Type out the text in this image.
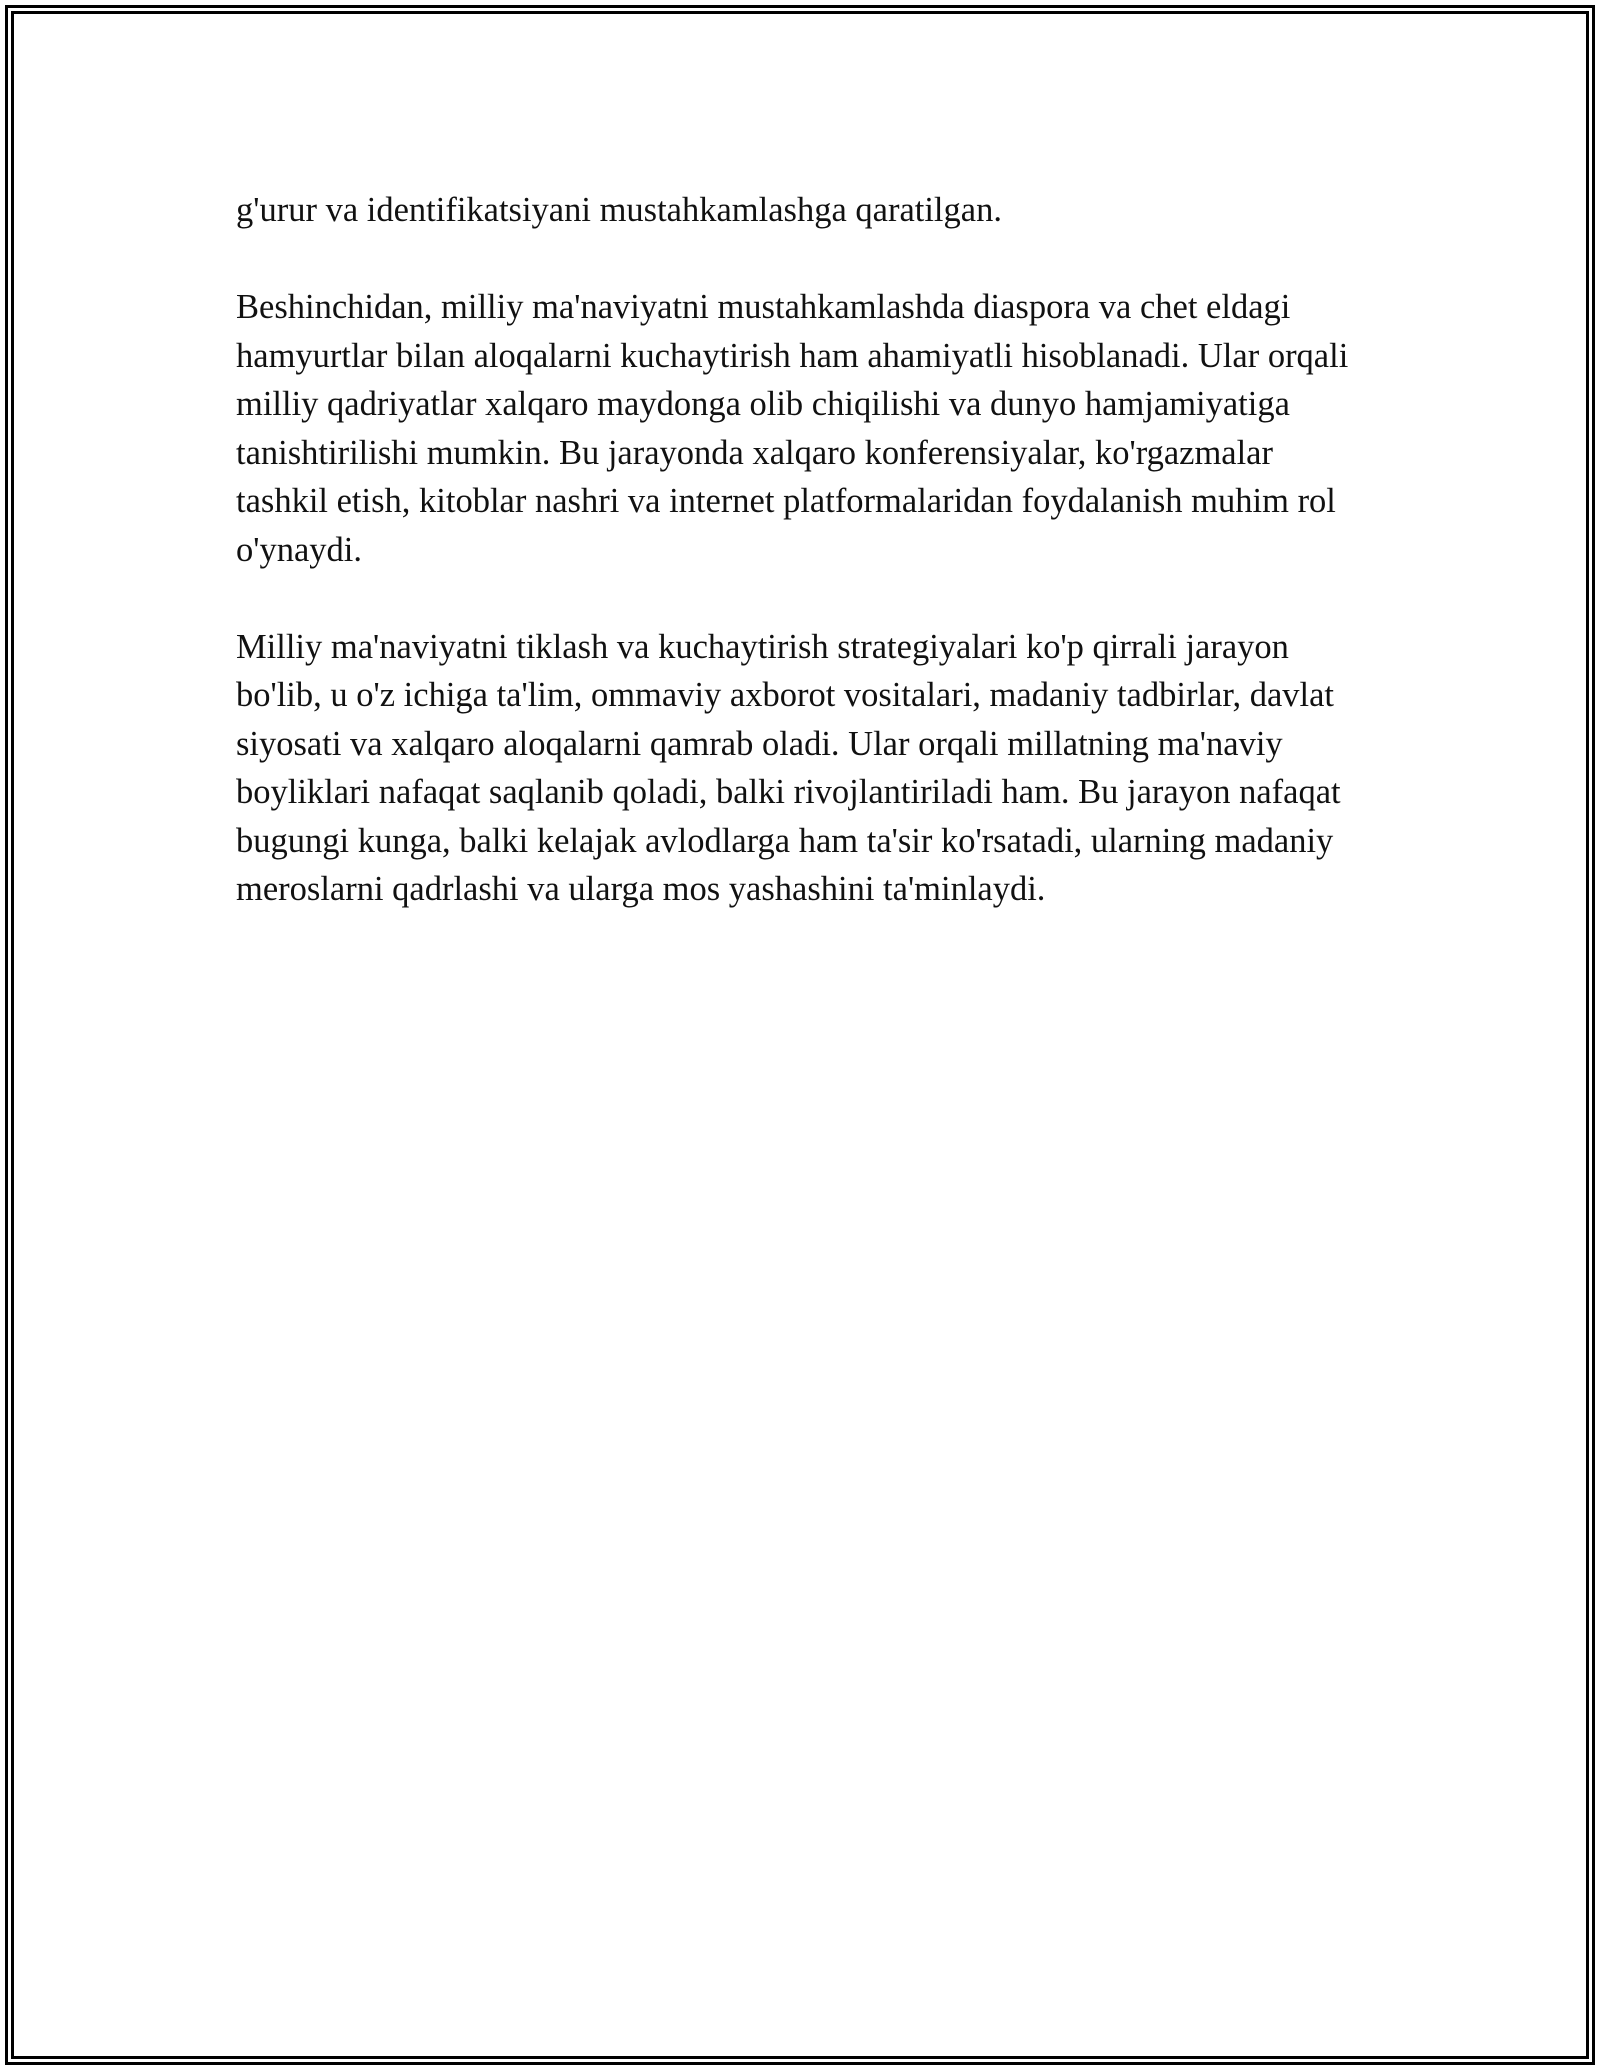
g'urur va identifikatsiyani mustahkamlashga qaratilgan.

Beshinchidan, milliy ma'naviyatni mustahkamlashda diaspora va chet eldagi hamyurtlar bilan aloqalarni kuchaytirish ham ahamiyatli hisoblanadi. Ular orqali milliy qadriyatlar xalqaro maydonga olib chiqilishi va dunyo hamjamiyatiga tanishtirilishi mumkin. Bu jarayonda xalqaro konferensiyalar, ko'rgazmalar tashkil etish, kitoblar nashri va internet platformalaridan foydalanish muhim rol o'ynaydi.

Milliy ma'naviyatni tiklash va kuchaytirish strategiyalari ko'p qirrali jarayon bo'lib, u o'z ichiga ta'lim, ommaviy axborot vositalari, madaniy tadbirlar, davlat siyosati va xalqaro aloqalarni qamrab oladi. Ular orqali millatning ma'naviy boyliklari nafaqat saqlanib qoladi, balki rivojlantiriladi ham. Bu jarayon nafaqat bugungi kunga, balki kelajak avlodlarga ham ta'sir ko'rsatadi, ularning madaniy meroslarni qadrlashi va ularga mos yashashini ta'minlaydi.
